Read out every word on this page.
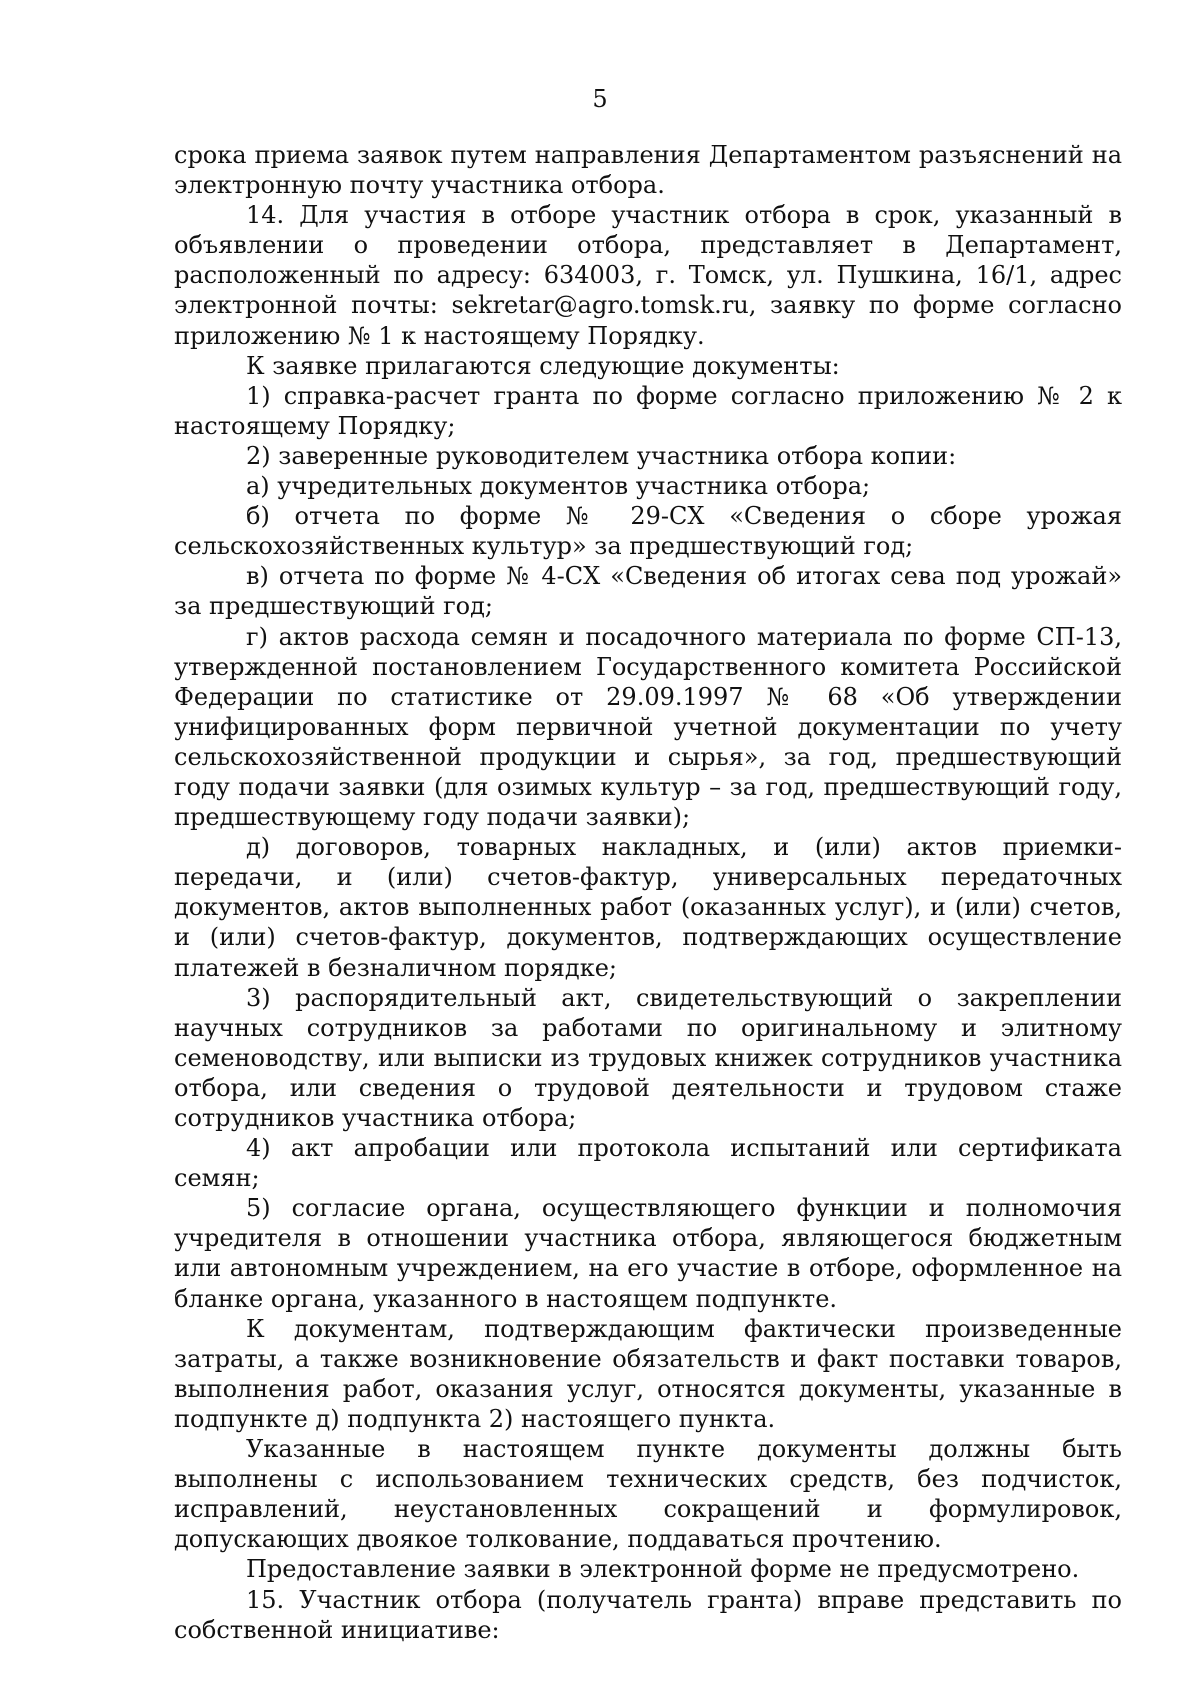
5

срока приема заявок путем направления Департаментом разъяснений на электронную почту участника отбора.

14. Для участия в отборе участник отбора в срок, указанный в объявлении о проведении отбора, представляет в Департамент, расположенный по адресу: 634003, г. Томск, ул. Пушкина, 16/1, адрес электронной почты: sekretar@agro.tomsk.ru, заявку по форме согласно приложению № 1 к настоящему Порядку.

К заявке прилагаются следующие документы:

1) справка-расчет гранта по форме согласно приложению № 2 к настоящему Порядку;

2) заверенные руководителем участника отбора копии:

а) учредительных документов участника отбора;

б) отчета по форме № 29-СХ «Сведения о сборе урожая сельскохозяйственных культур» за предшествующий год;

в) отчета по форме № 4-СХ «Сведения об итогах сева под урожай» за предшествующий год;

г) актов расхода семян и посадочного материала по форме СП-13, утвержденной постановлением Государственного комитета Российской Федерации по статистике от 29.09.1997 № 68 «Об утверждении унифицированных форм первичной учетной документации по учету сельскохозяйственной продукции и сырья», за год, предшествующий году подачи заявки (для озимых культур – за год, предшествующий году, предшествующему году подачи заявки);

д) договоров, товарных накладных, и (или) актов приемки-передачи, и (или) счетов-фактур, универсальных передаточных документов, актов выполненных работ (оказанных услуг), и (или) счетов, и (или) счетов-фактур, документов, подтверждающих осуществление платежей в безналичном порядке;

3) распорядительный акт, свидетельствующий о закреплении научных сотрудников за работами по оригинальному и элитному семеноводству, или выписки из трудовых книжек сотрудников участника отбора, или сведения о трудовой деятельности и трудовом стаже сотрудников участника отбора;

4) акт апробации или протокола испытаний или сертификата семян;

5) согласие органа, осуществляющего функции и полномочия учредителя в отношении участника отбора, являющегося бюджетным или автономным учреждением, на его участие в отборе, оформленное на бланке органа, указанного в настоящем подпункте.

К документам, подтверждающим фактически произведенные затраты, а также возникновение обязательств и факт поставки товаров, выполнения работ, оказания услуг, относятся документы, указанные в подпункте д) подпункта 2) настоящего пункта.

Указанные в настоящем пункте документы должны быть выполнены с использованием технических средств, без подчисток, исправлений, неустановленных сокращений и формулировок, допускающих двоякое толкование, поддаваться прочтению.

Предоставление заявки в электронной форме не предусмотрено.

15. Участник отбора (получатель гранта) вправе представить по собственной инициативе:
